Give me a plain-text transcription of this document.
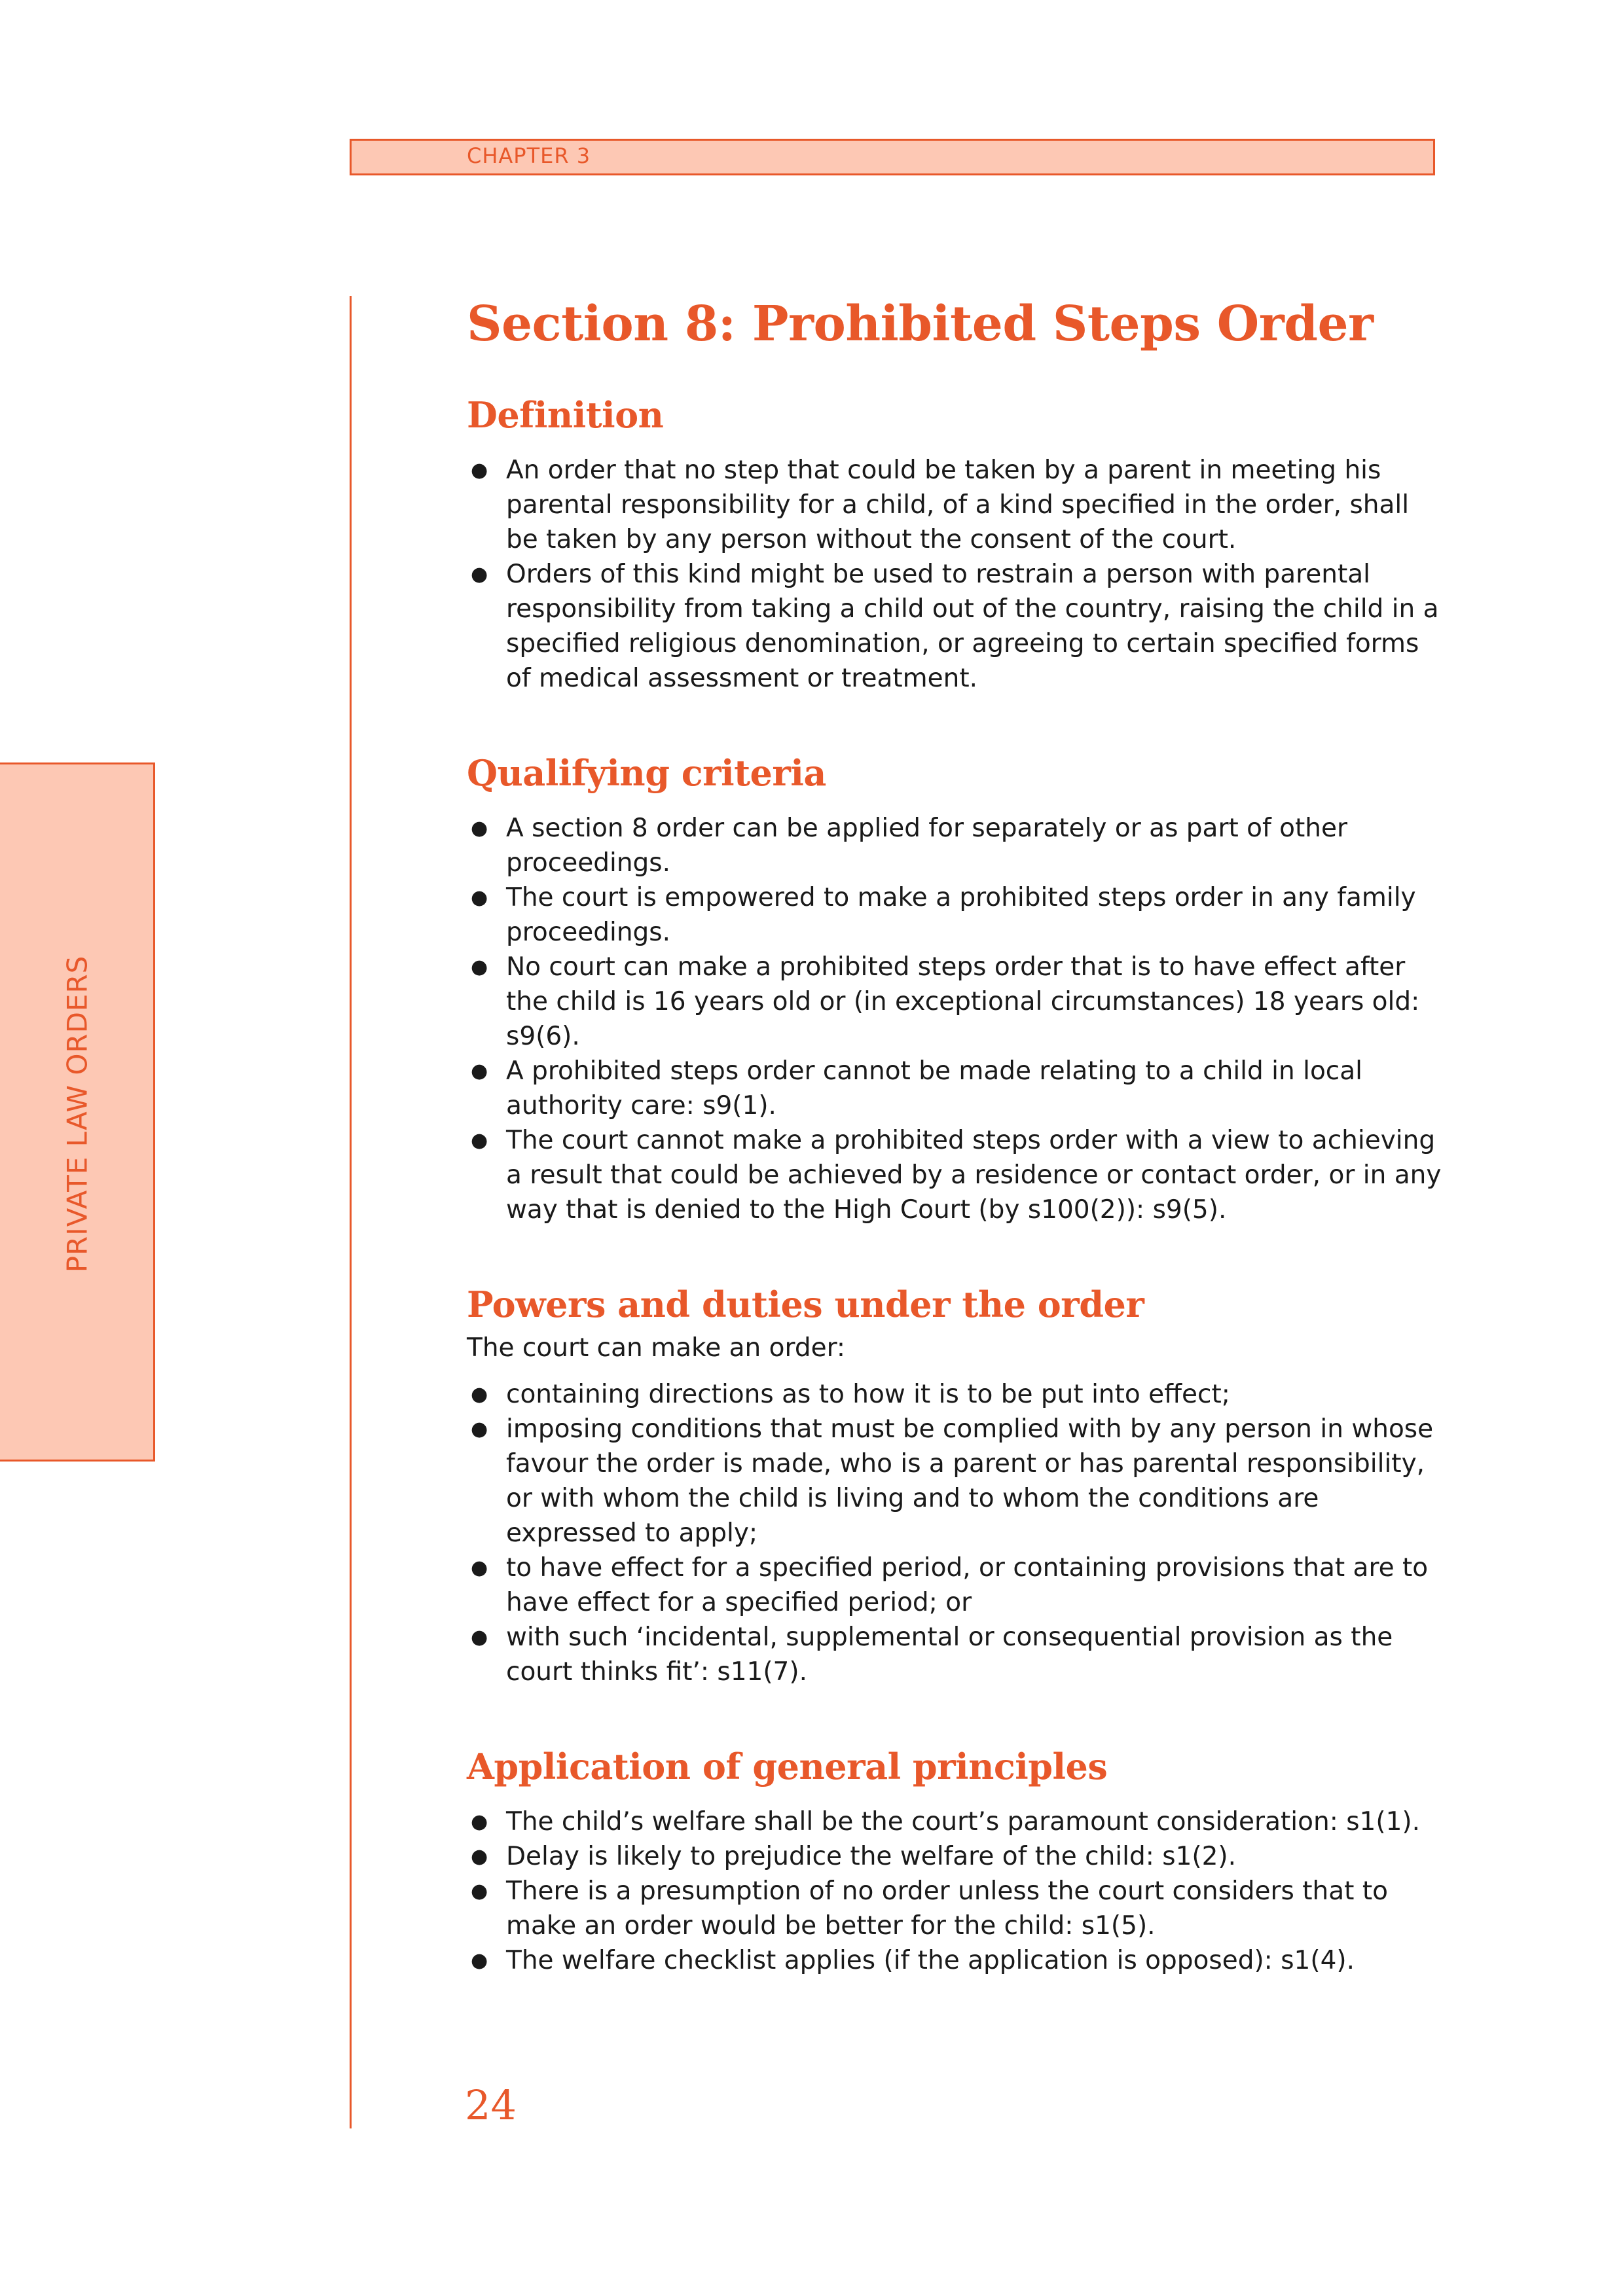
CHAPTER 3
PRIVATE LAW ORDERS
Section 8: Prohibited Steps Order
Definition
● An order that no step that could be taken by a parent in meeting his parental responsibility for a child, of a kind specified in the order, shall be taken by any person without the consent of the court.
● Orders of this kind might be used to restrain a person with parental responsibility from taking a child out of the country, raising the child in a specified religious denomination, or agreeing to certain specified forms of medical assessment or treatment.
Qualifying criteria
● A section 8 order can be applied for separately or as part of other proceedings.
● The court is empowered to make a prohibited steps order in any family proceedings.
● No court can make a prohibited steps order that is to have effect after the child is 16 years old or (in exceptional circumstances) 18 years old: s9(6).
● A prohibited steps order cannot be made relating to a child in local authority care: s9(1).
● The court cannot make a prohibited steps order with a view to achieving a result that could be achieved by a residence or contact order, or in any way that is denied to the High Court (by s100(2)): s9(5).
Powers and duties under the order

The court can make an order:

● containing directions as to how it is to be put into effect;
● imposing conditions that must be complied with by any person in whose favour the order is made, who is a parent or has parental responsibility, or with whom the child is living and to whom the conditions are expressed to apply;
● to have effect for a specified period, or containing provisions that are to have effect for a specified period; or
● with such ‘incidental, supplemental or consequential provision as the court thinks fit’: s11(7).
Application of general principles
● The child’s welfare shall be the court’s paramount consideration: s1(1).
● Delay is likely to prejudice the welfare of the child: s1(2).
● There is a presumption of no order unless the court considers that to make an order would be better for the child: s1(5).
● The welfare checklist applies (if the application is opposed): s1(4).
24
